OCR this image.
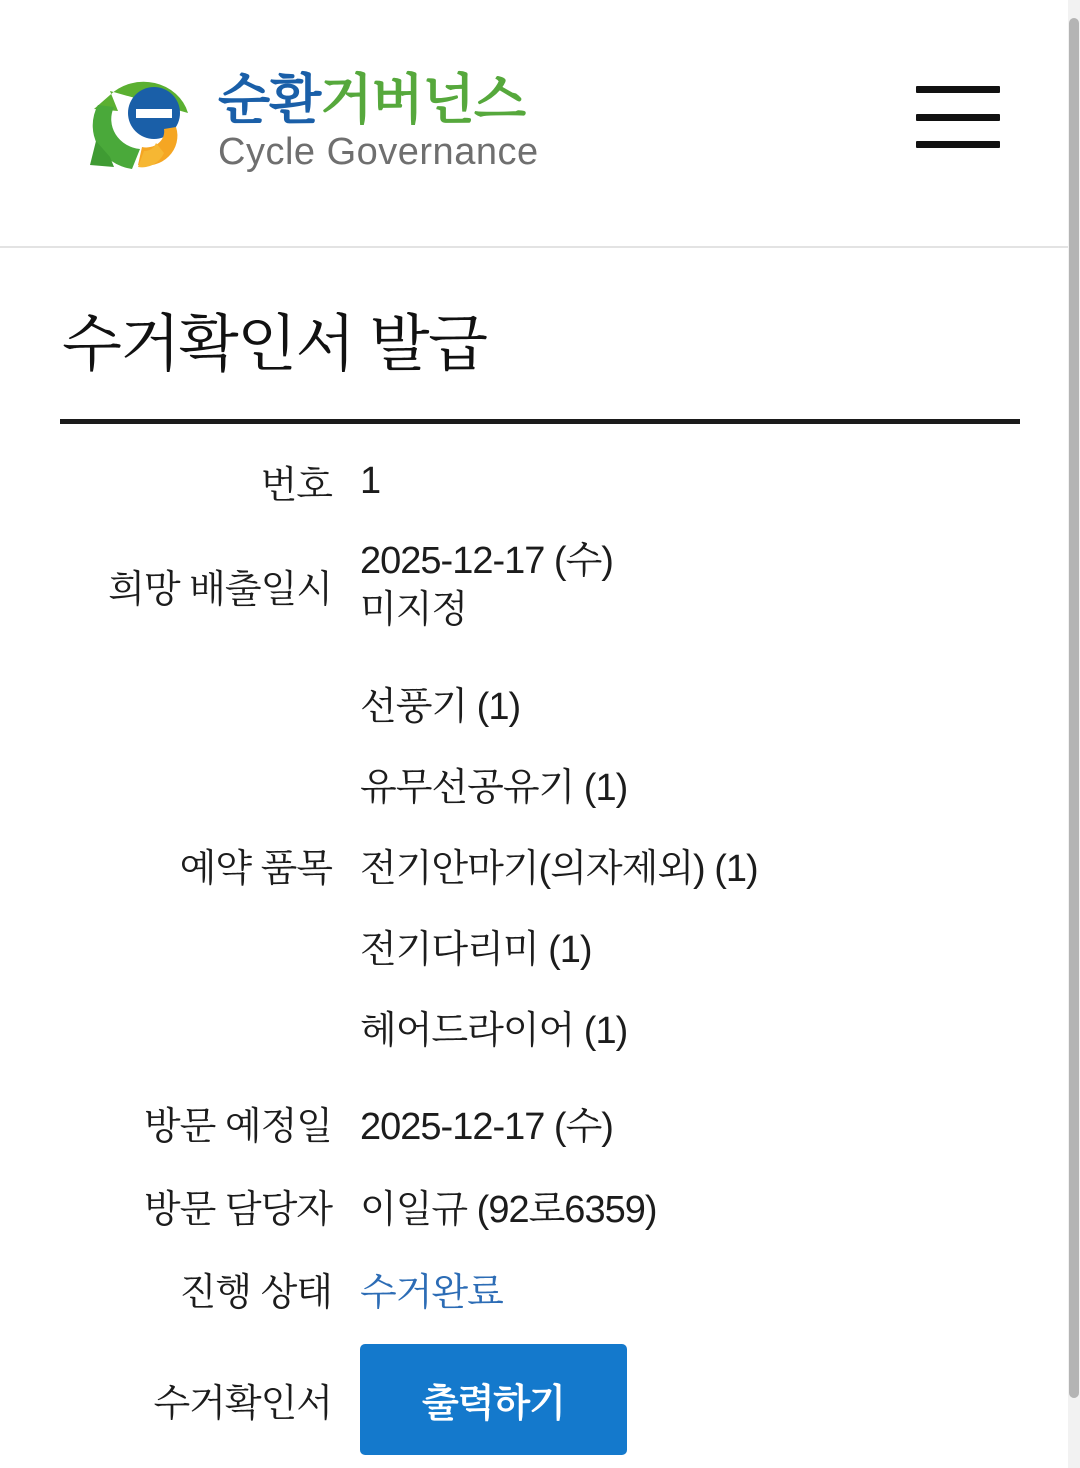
순환거버넌스
Cycle Governance
수거확인서 발급
번호	1
희망 배출일시	2025-12-17 (수)
미지정

예약 품목	선풍기 (1)
유무선공유기 (1)
전기안마기(의자제외) (1)
전기다리미 (1)
헤어드라이어 (1)

방문 예정일	2025-12-17 (수)
방문 담당자	이일규 (92로6359)
진행 상태	수거완료
수거확인서	출력하기
